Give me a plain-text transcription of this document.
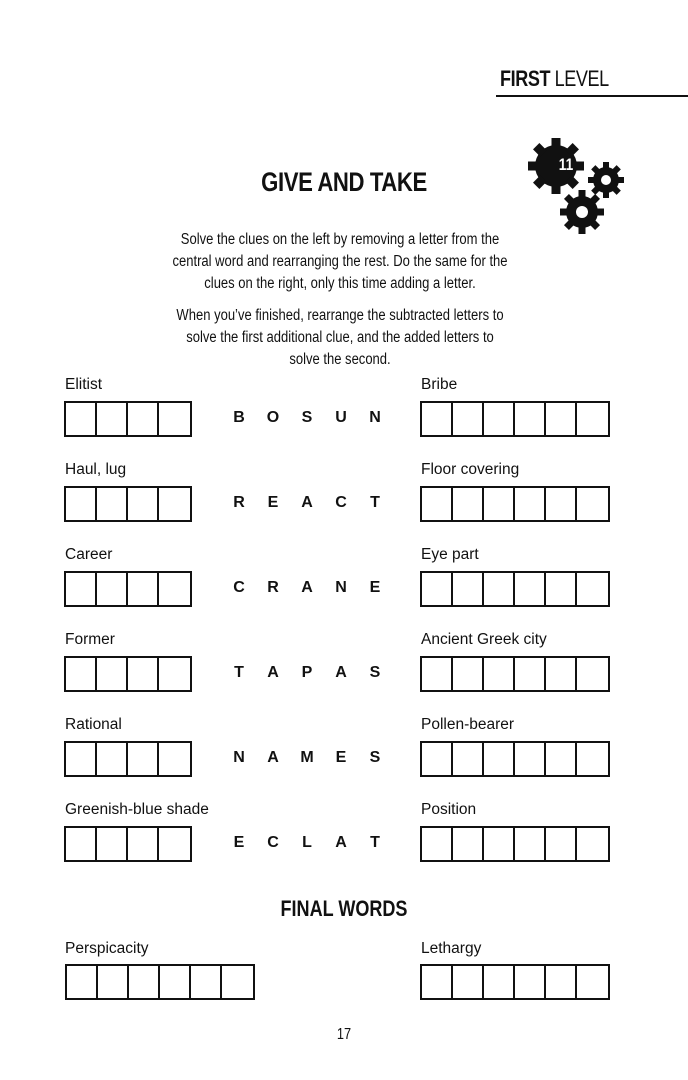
FIRST LEVEL
11
GIVE AND TAKE
Solve the clues on the left by removing a letter from the central word and rearranging the rest. Do the same for the clues on the right, only this time adding a letter.
When you’ve finished, rearrange the subtracted letters to solve the first additional clue, and the added letters to solve the second.
Elitist	Bribe
B O S U N
Haul, lug	Floor covering
R E A C T
Career	Eye part
C R A N E
Former	Ancient Greek city
T A P A S
Rational	Pollen-bearer
N A M E S
Greenish-blue shade	Position
E C L A T
FINAL WORDS
Perspicacity	Lethargy
17
